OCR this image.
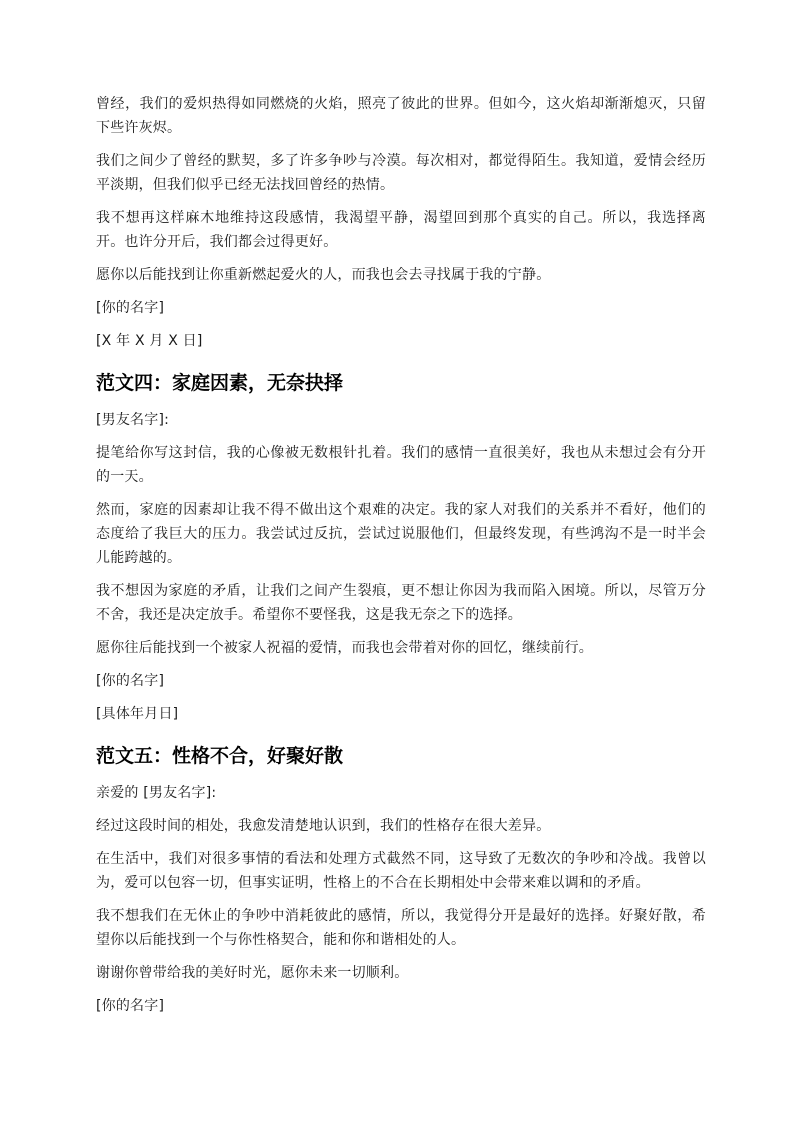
曾经，我们的爱炽热得如同燃烧的火焰，照亮了彼此的世界。但如今，这火焰却渐渐熄灭，只留下些许灰烬。

我们之间少了曾经的默契，多了许多争吵与冷漠。每次相对，都觉得陌生。我知道，爱情会经历平淡期，但我们似乎已经无法找回曾经的热情。

我不想再这样麻木地维持这段感情，我渴望平静，渴望回到那个真实的自己。所以，我选择离开。也许分开后，我们都会过得更好。

愿你以后能找到让你重新燃起爱火的人，而我也会去寻找属于我的宁静。

[你的名字]

[X 年 X 月 X 日]

范文四：家庭因素，无奈抉择

[男友名字]:

提笔给你写这封信，我的心像被无数根针扎着。我们的感情一直很美好，我也从未想过会有分开的一天。

然而，家庭的因素却让我不得不做出这个艰难的决定。我的家人对我们的关系并不看好，他们的态度给了我巨大的压力。我尝试过反抗，尝试过说服他们，但最终发现，有些鸿沟不是一时半会儿能跨越的。

我不想因为家庭的矛盾，让我们之间产生裂痕，更不想让你因为我而陷入困境。所以，尽管万分不舍，我还是决定放手。希望你不要怪我，这是我无奈之下的选择。

愿你往后能找到一个被家人祝福的爱情，而我也会带着对你的回忆，继续前行。

[你的名字]

[具体年月日]

范文五：性格不合，好聚好散

亲爱的 [男友名字]:

经过这段时间的相处，我愈发清楚地认识到，我们的性格存在很大差异。

在生活中，我们对很多事情的看法和处理方式截然不同，这导致了无数次的争吵和冷战。我曾以为，爱可以包容一切，但事实证明，性格上的不合在长期相处中会带来难以调和的矛盾。

我不想我们在无休止的争吵中消耗彼此的感情，所以，我觉得分开是最好的选择。好聚好散，希望你以后能找到一个与你性格契合，能和你和谐相处的人。

谢谢你曾带给我的美好时光，愿你未来一切顺利。

[你的名字]
